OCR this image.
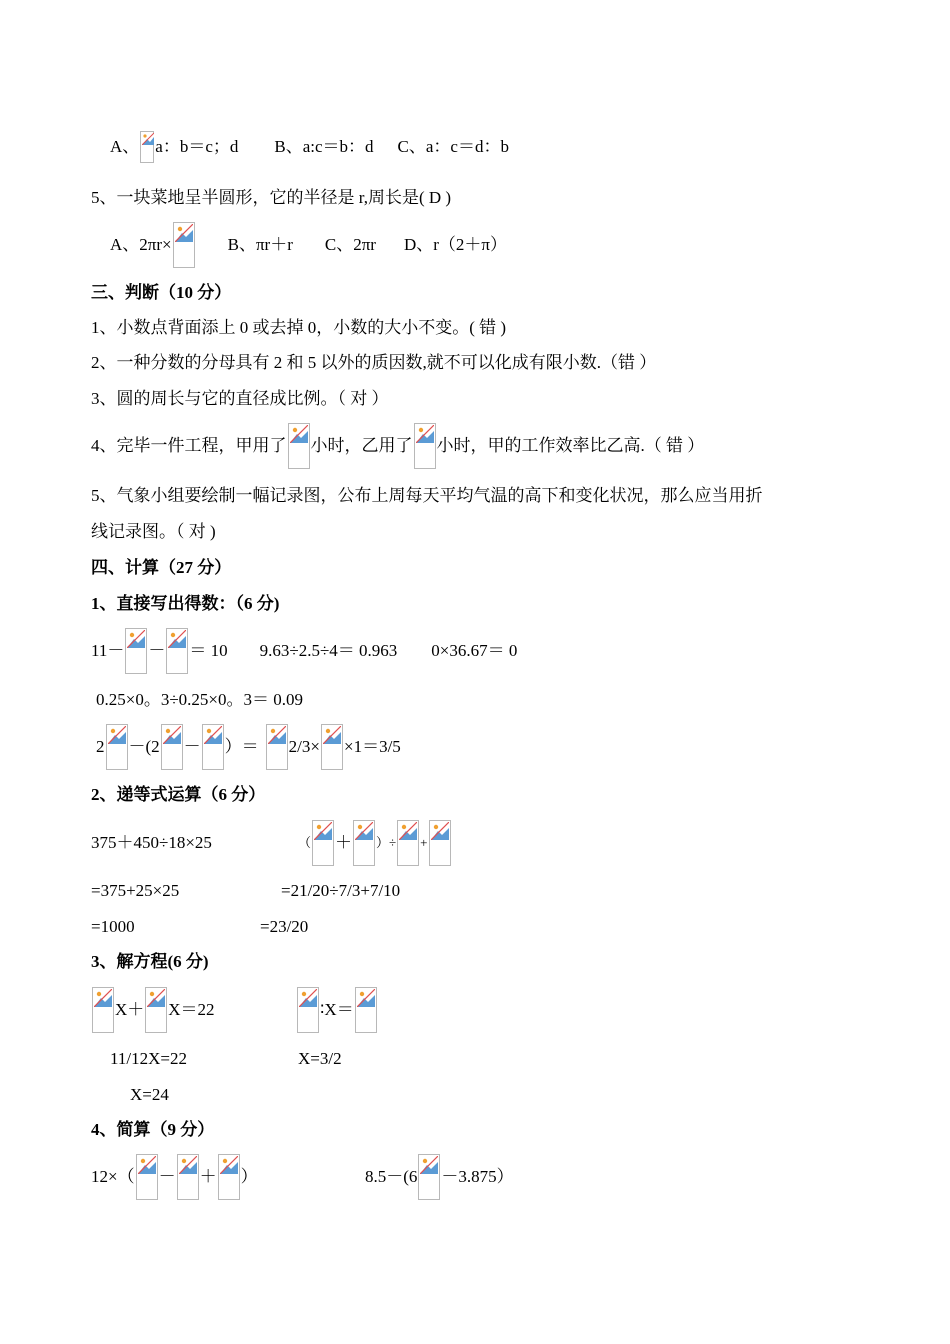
A、 a：b＝c；d B、a:c＝b：d C、a：c＝d：b
5、一块菜地呈半圆形，它的半径是 r,周长是( D )
A、2πr×	B、πr＋r C、2πr D、r（2＋π）
三、判断（10 分）
1、小数点背面添上 0 或去掉 0，小数的大小不变。( 错 )
2、一种分数的分母具有 2 和 5 以外的质因数,就不可以化成有限小数.（错 ）
3、圆的周长与它的直径成比例。（ 对 ）
4、完毕一件工程，甲用了 小时，乙用了 小时，甲的工作效率比乙高.（ 错 ）
5、气象小组要绘制一幅记录图，公布上周每天平均气温的高下和变化状况，那么应当用折
线记录图。（ 对 )
四、计算（27 分）
1、直接写出得数：（6 分)
11－ － ＝ 10 9.63÷2.5÷4＝ 0.963 0×36.67＝ 0
0.25×0。3÷0.25×0。3＝ 0.09
2 －(2 － ）＝ 2/3× ×1＝3/5
2、递等式运算（6 分）
375＋450÷18×25	（ ＋ ）÷ +
=375+25×25	=21/20÷7/3+7/10
=1000	=23/20
3、解方程(6 分)
X＋ X＝22	∶X＝
11/12X=22	X=3/2
X=24
4、简算（9 分）
12×（ － ＋ ）	8.5－(6 －3.875）
